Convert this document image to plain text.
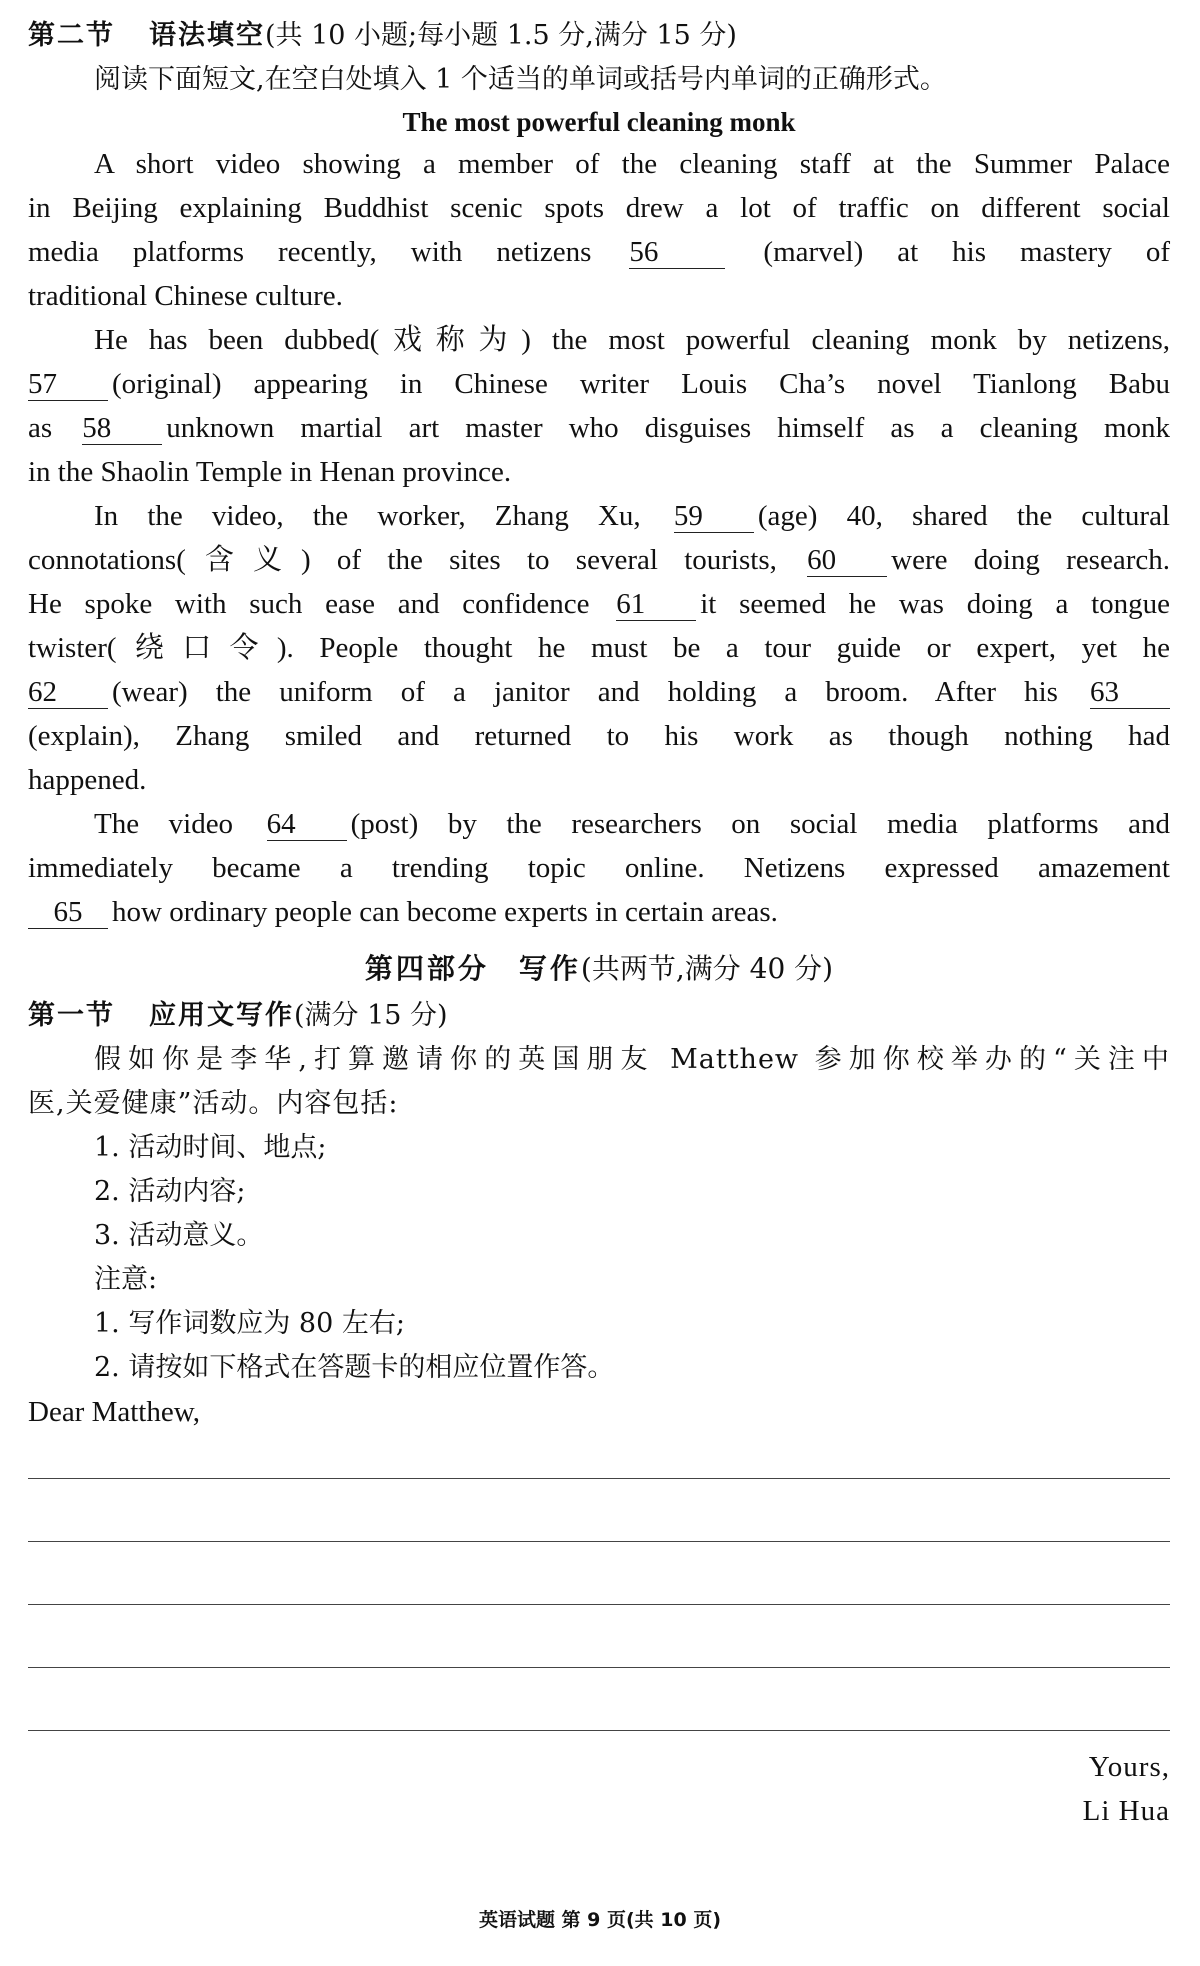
第二节 语法填空(共 10 小题;每小题 1.5 分,满分 15 分)
阅读下面短文,在空白处填入 1 个适当的单词或括号内单词的正确形式。
The most powerful cleaning monk
A short video showing a member of the cleaning staff at the Summer Palace
in Beijing explaining Buddhist scenic spots drew a lot of traffic on different social
media platforms recently, with netizens 56	(marvel) at his mastery of
traditional Chinese culture.
He has been dubbed(戏称为) the most powerful cleaning monk by netizens,
57 (original) appearing in Chinese writer Louis Cha’s novel Tianlong Babu
as 58 unknown martial art master who disguises himself as a cleaning monk
in the Shaolin Temple in Henan province.
In the video, the worker, Zhang Xu, 59 (age) 40, shared the cultural
connotations(含义) of the sites to several tourists, 60 were doing research.
He spoke with such ease and confidence 61 it seemed he was doing a tongue
twister(绕口令). People thought he must be a tour guide or expert, yet he
62 (wear) the uniform of a janitor and holding a broom. After his 63
(explain), Zhang smiled and returned to his work as though nothing had
happened.
The video 64 (post) by the researchers on social media platforms and
immediately became a trending topic online. Netizens expressed amazement
65 how ordinary people can become experts in certain areas.
第四部分 写作(共两节,满分 40 分)
第一节 应用文写作(满分 15 分)
假如你是李华,打算邀请你的英国朋友 Matthew 参加你校举办的“关注中
医,关爱健康”活动。内容包括:
1. 活动时间、地点;
2. 活动内容;
3. 活动意义。
注意:
1. 写作词数应为 80 左右;
2. 请按如下格式在答题卡的相应位置作答。
Dear Matthew,
Yours,
Li Hua
英语试题 第 9 页(共 10 页)
